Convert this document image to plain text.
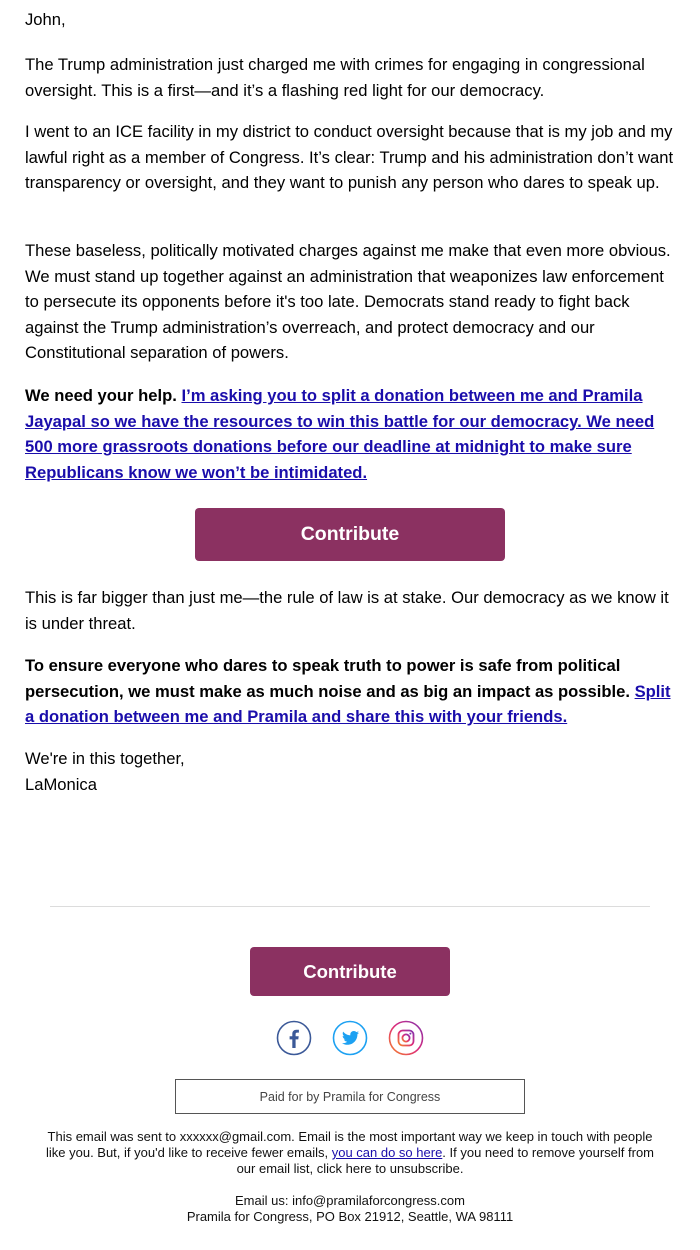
John,

The Trump administration just charged me with crimes for engaging in congressional oversight. This is a first—and it’s a flashing red light for our democracy.

I went to an ICE facility in my district to conduct oversight because that is my job and my lawful right as a member of Congress. It’s clear: Trump and his administration don’t want transparency or oversight, and they want to punish any person who dares to speak up.

These baseless, politically motivated charges against me make that even more obvious. We must stand up together against an administration that weaponizes law enforcement to persecute its opponents before it's too late. Democrats stand ready to fight back against the Trump administration’s overreach, and protect democracy and our Constitutional separation of powers.

We need your help. I’m asking you to split a donation between me and Pramila Jayapal so we have the resources to win this battle for our democracy. We need 500 more grassroots donations before our deadline at midnight to make sure Republicans know we won’t be intimidated.

Contribute

This is far bigger than just me—the rule of law is at stake. Our democracy as we know it is under threat.

To ensure everyone who dares to speak truth to power is safe from political persecution, we must make as much noise and as big an impact as possible. Split a donation between me and Pramila and share this with your friends.

We're in this together,

LaMonica

Contribute
Paid for by Pramila for Congress
This email was sent to xxxxxx@gmail.com. Email is the most important way we keep in touch with people like you. But, if you'd like to receive fewer emails, you can do so here. If you need to remove yourself from our email list, click here to unsubscribe.
Email us: info@pramilaforcongress.com
Pramila for Congress, PO Box 21912, Seattle, WA 98111
